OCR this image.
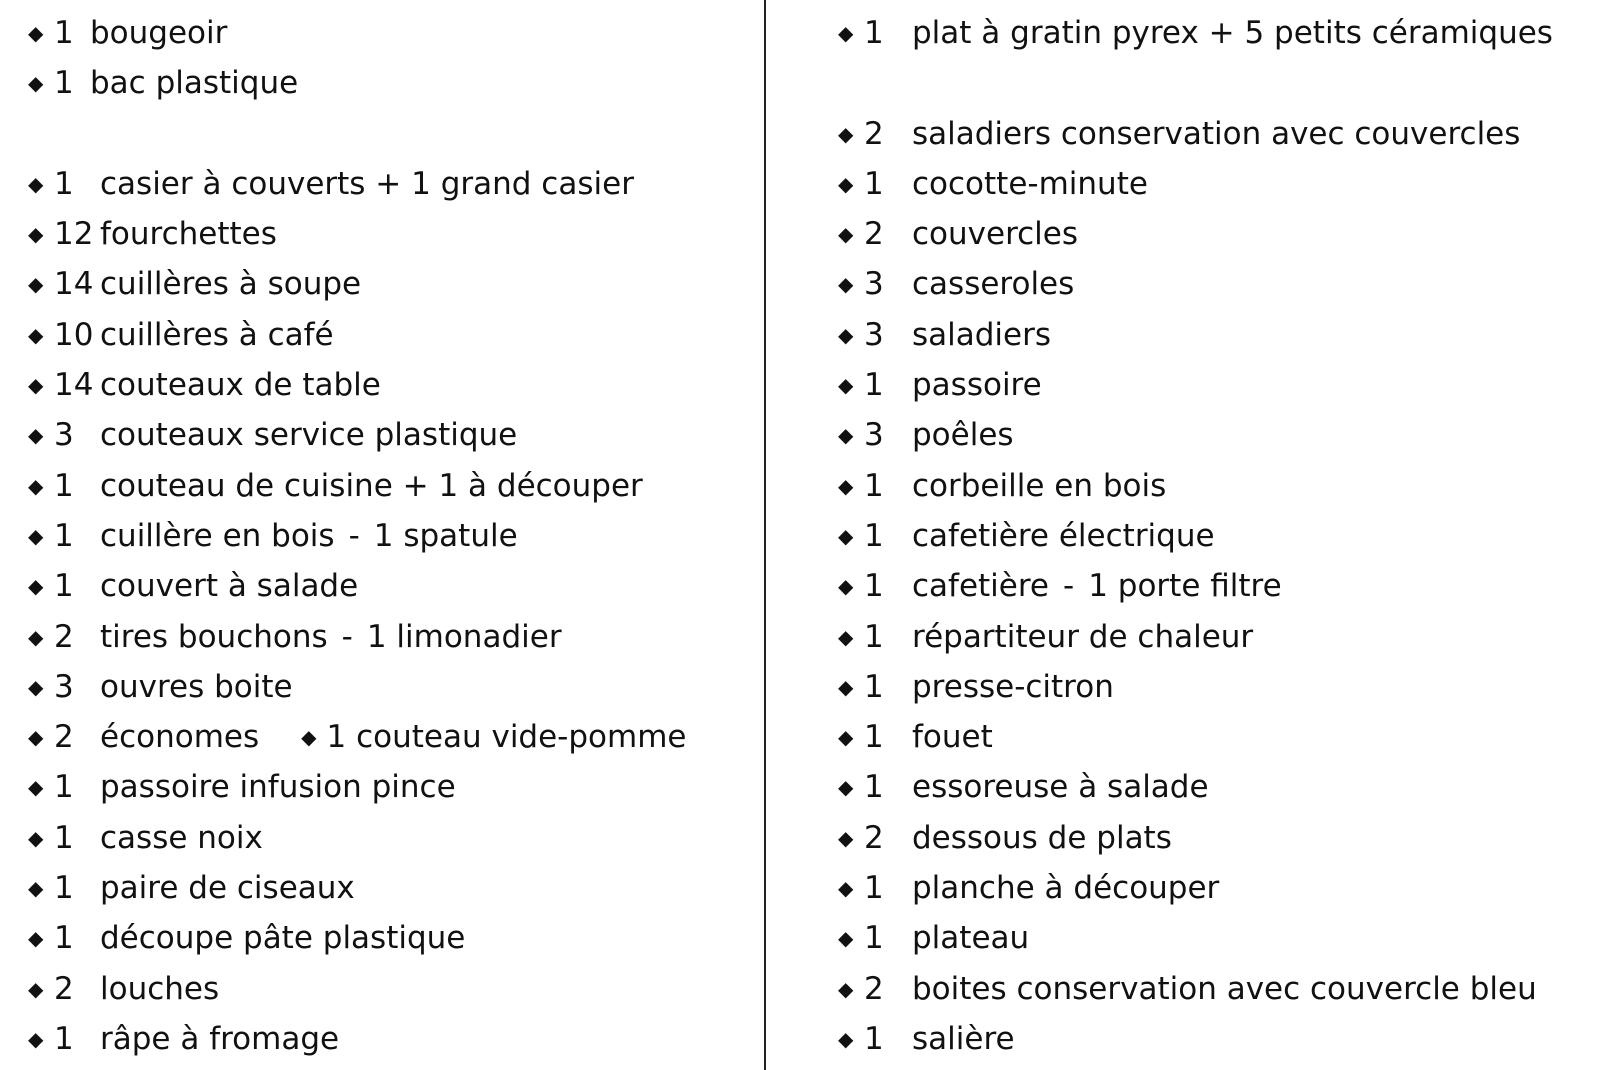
◆ 1 bougeoir
◆ 1 bac plastique
◆ 1 casier à couverts + 1 grand casier
◆ 12 fourchettes
◆ 14 cuillères à soupe
◆ 10 cuillères à café
◆ 14 couteaux de table
◆ 3 couteaux service plastique
◆ 1 couteau de cuisine + 1 à découper
◆ 1 cuillère en bois - 1 spatule
◆ 1 couvert à salade
◆ 2 tires bouchons - 1 limonadier
◆ 3 ouvres boite
◆ 2 économes ◆ 1 couteau vide-pomme
◆ 1 passoire infusion pince
◆ 1 casse noix
◆ 1 paire de ciseaux
◆ 1 découpe pâte plastique
◆ 2 louches
◆ 1 râpe à fromage
◆ 1 plat à gratin pyrex + 5 petits céramiques
◆ 2 saladiers conservation avec couvercles
◆ 1 cocotte-minute
◆ 2 couvercles
◆ 3 casseroles
◆ 3 saladiers
◆ 1 passoire
◆ 3 poêles
◆ 1 corbeille en bois
◆ 1 cafetière électrique
◆ 1 cafetière - 1 porte filtre
◆ 1 répartiteur de chaleur
◆ 1 presse-citron
◆ 1 fouet
◆ 1 essoreuse à salade
◆ 2 dessous de plats
◆ 1 planche à découper
◆ 1 plateau
◆ 2 boites conservation avec couvercle bleu
◆ 1 salière
